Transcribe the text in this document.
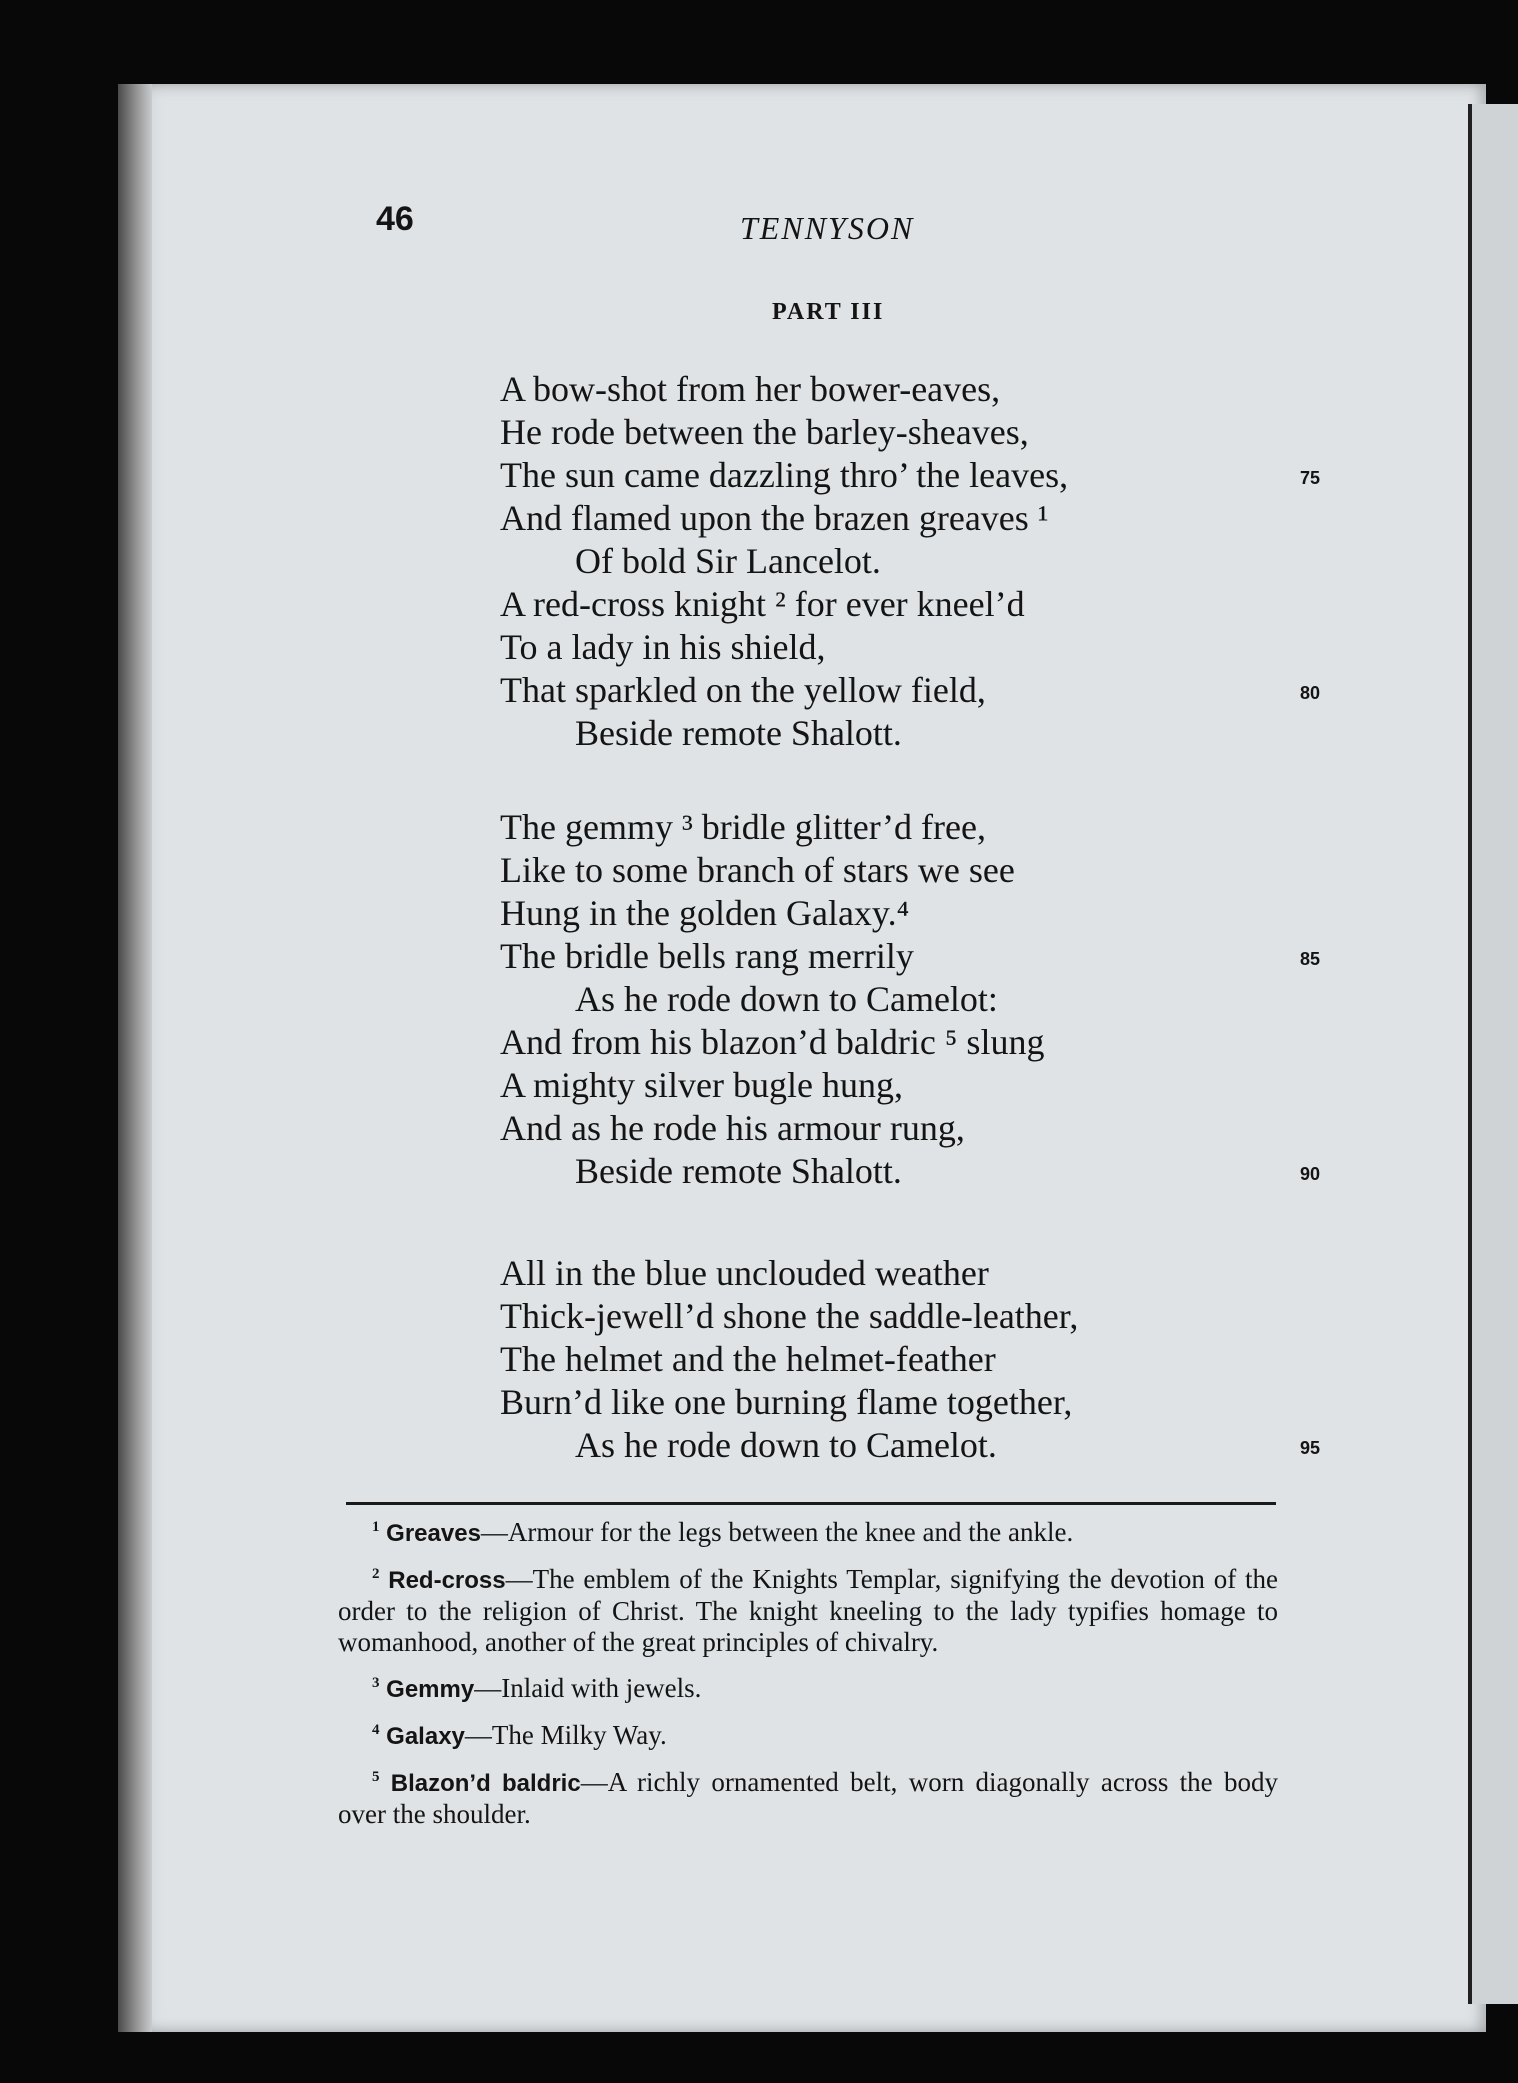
46	TENNYSON
PART III
A bow-shot from her bower-eaves,
He rode between the barley-sheaves,
The sun came dazzling thro’ the leaves,	75
And flamed upon the brazen greaves ¹
Of bold Sir Lancelot.
A red-cross knight ² for ever kneel’d
To a lady in his shield,
That sparkled on the yellow field,	80
Beside remote Shalott.
The gemmy ³ bridle glitter’d free,
Like to some branch of stars we see
Hung in the golden Galaxy.⁴
The bridle bells rang merrily	85
As he rode down to Camelot:
And from his blazon’d baldric ⁵ slung
A mighty silver bugle hung,
And as he rode his armour rung,
Beside remote Shalott.	90
All in the blue unclouded weather
Thick-jewell’d shone the saddle-leather,
The helmet and the helmet-feather
Burn’d like one burning flame together,
As he rode down to Camelot.	95

$^1$ Greaves—Armour for the legs between the knee and the ankle.

$^2$ Red-cross—The emblem of the Knights Templar, signifying the devotion of the order to the religion of Christ. The knight kneeling to the lady typifies homage to womanhood, another of the great principles of chivalry.

$^3$ Gemmy—Inlaid with jewels.

$^4$ Galaxy—The Milky Way.

$^5$ Blazon’d baldric—A richly ornamented belt, worn diagonally across the body over the shoulder.
